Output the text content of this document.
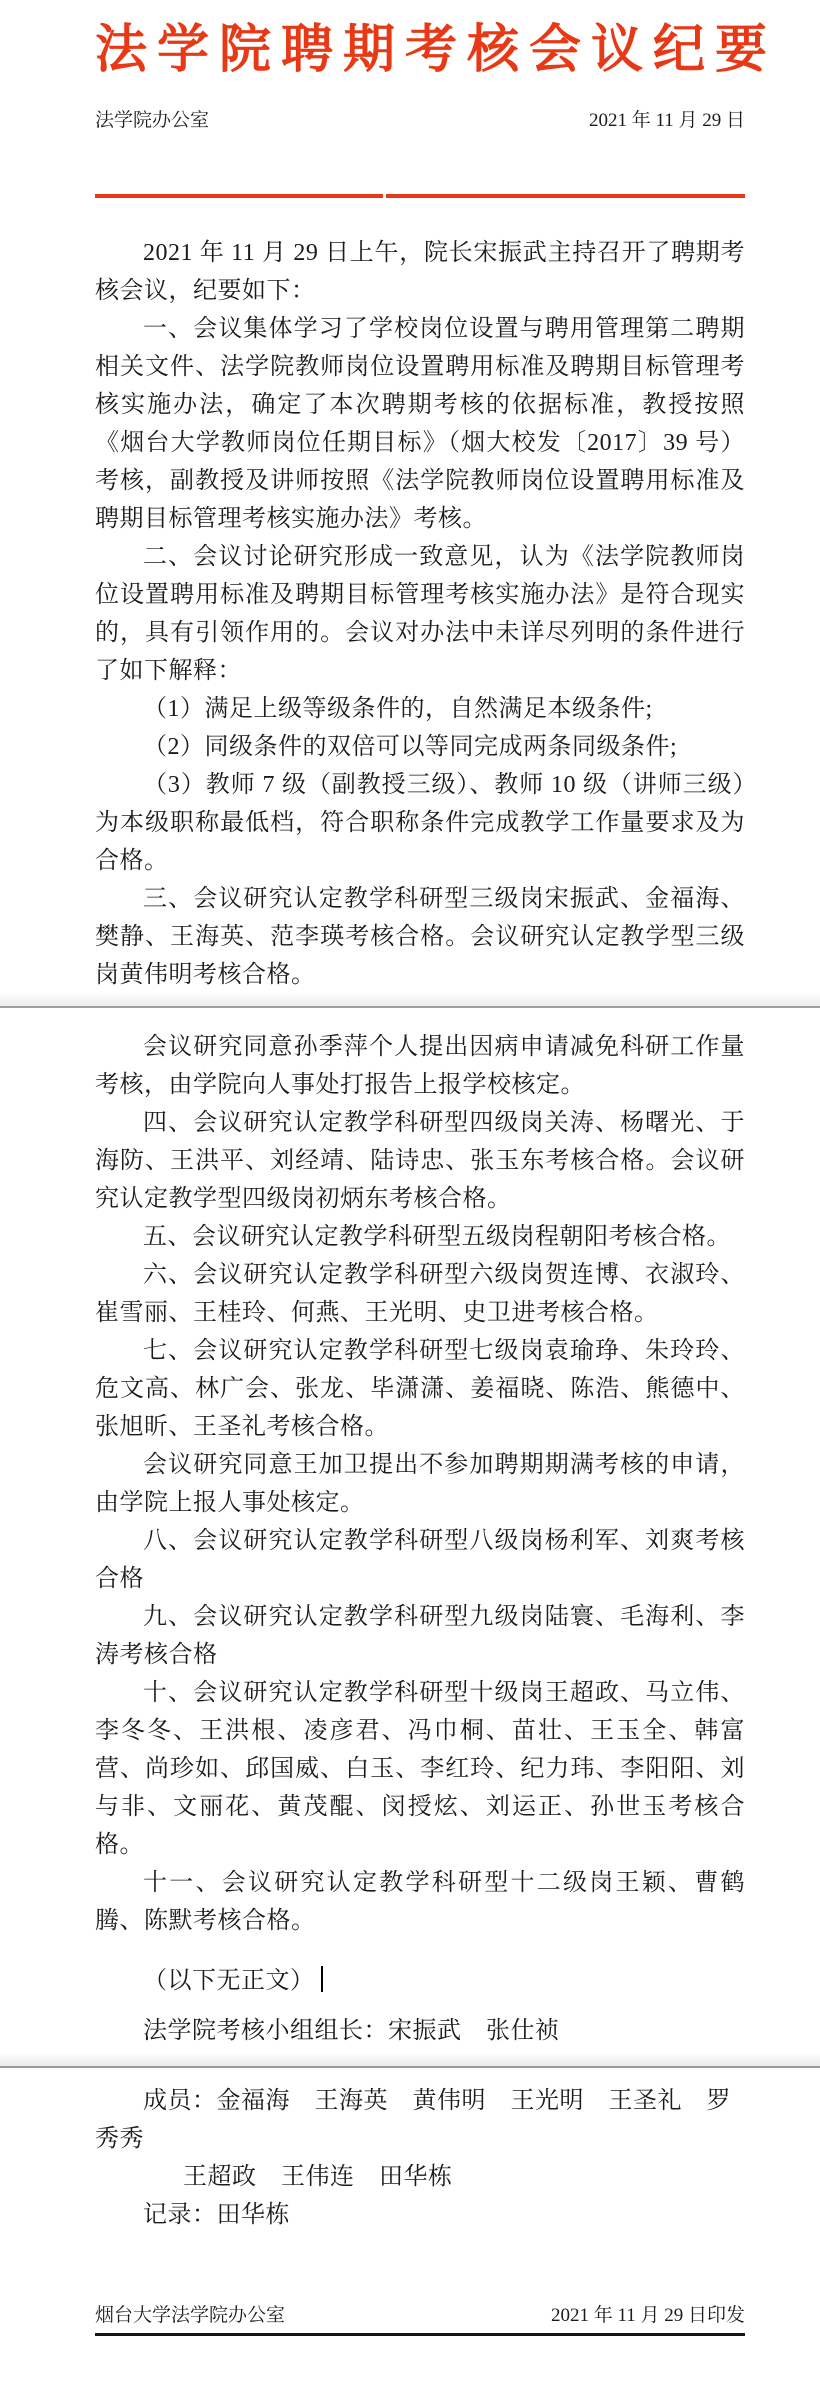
法学院聘期考核会议纪要
法学院办公室	2021 年 11 月 29 日

2021 年 11 月 29 日上午，院长宋振武主持召开了聘期考核会议，纪要如下：

一、会议集体学习了学校岗位设置与聘用管理第二聘期相关文件、法学院教师岗位设置聘用标准及聘期目标管理考核实施办法，确定了本次聘期考核的依据标准，教授按照《烟台大学教师岗位任期目标》（烟大校发〔2017〕39 号）考核，副教授及讲师按照《法学院教师岗位设置聘用标准及聘期目标管理考核实施办法》考核。

二、会议讨论研究形成一致意见，认为《法学院教师岗位设置聘用标准及聘期目标管理考核实施办法》是符合现实的，具有引领作用的。会议对办法中未详尽列明的条件进行了如下解释：

（1）满足上级等级条件的，自然满足本级条件;

（2）同级条件的双倍可以等同完成两条同级条件;

（3）教师 7 级（副教授三级）、教师 10 级（讲师三级）为本级职称最低档，符合职称条件完成教学工作量要求及为合格。

三、会议研究认定教学科研型三级岗宋振武、金福海、樊静、王海英、范李瑛考核合格。会议研究认定教学型三级岗黄伟明考核合格。

会议研究同意孙季萍个人提出因病申请减免科研工作量考核，由学院向人事处打报告上报学校核定。

四、会议研究认定教学科研型四级岗关涛、杨曙光、于海防、王洪平、刘经靖、陆诗忠、张玉东考核合格。会议研究认定教学型四级岗初炳东考核合格。

五、会议研究认定教学科研型五级岗程朝阳考核合格。

六、会议研究认定教学科研型六级岗贺连博、衣淑玲、崔雪丽、王桂玲、何燕、王光明、史卫进考核合格。

七、会议研究认定教学科研型七级岗袁瑜琤、朱玲玲、危文高、林广会、张龙、毕潇潇、姜福晓、陈浩、熊德中、张旭昕、王圣礼考核合格。

会议研究同意王加卫提出不参加聘期期满考核的申请，由学院上报人事处核定。

八、会议研究认定教学科研型八级岗杨利军、刘爽考核合格

九、会议研究认定教学科研型九级岗陆寰、毛海利、李涛考核合格

十、会议研究认定教学科研型十级岗王超政、马立伟、李冬冬、王洪根、凌彦君、冯巾桐、苗壮、王玉全、韩富营、尚珍如、邱国威、白玉、李红玲、纪力玮、李阳阳、刘与非、文丽花、黄茂醌、闵授炫、刘运正、孙世玉考核合格。

十一、会议研究认定教学科研型十二级岗王颖、曹鹤腾、陈默考核合格。

（以下无正文）

法学院考核小组组长：宋振武　张仕祯

成员：金福海　王海英　黄伟明　王光明　王圣礼　罗秀秀

王超政　王伟连　田华栋

记录：田华栋

烟台大学法学院办公室	2021 年 11 月 29 日印发
